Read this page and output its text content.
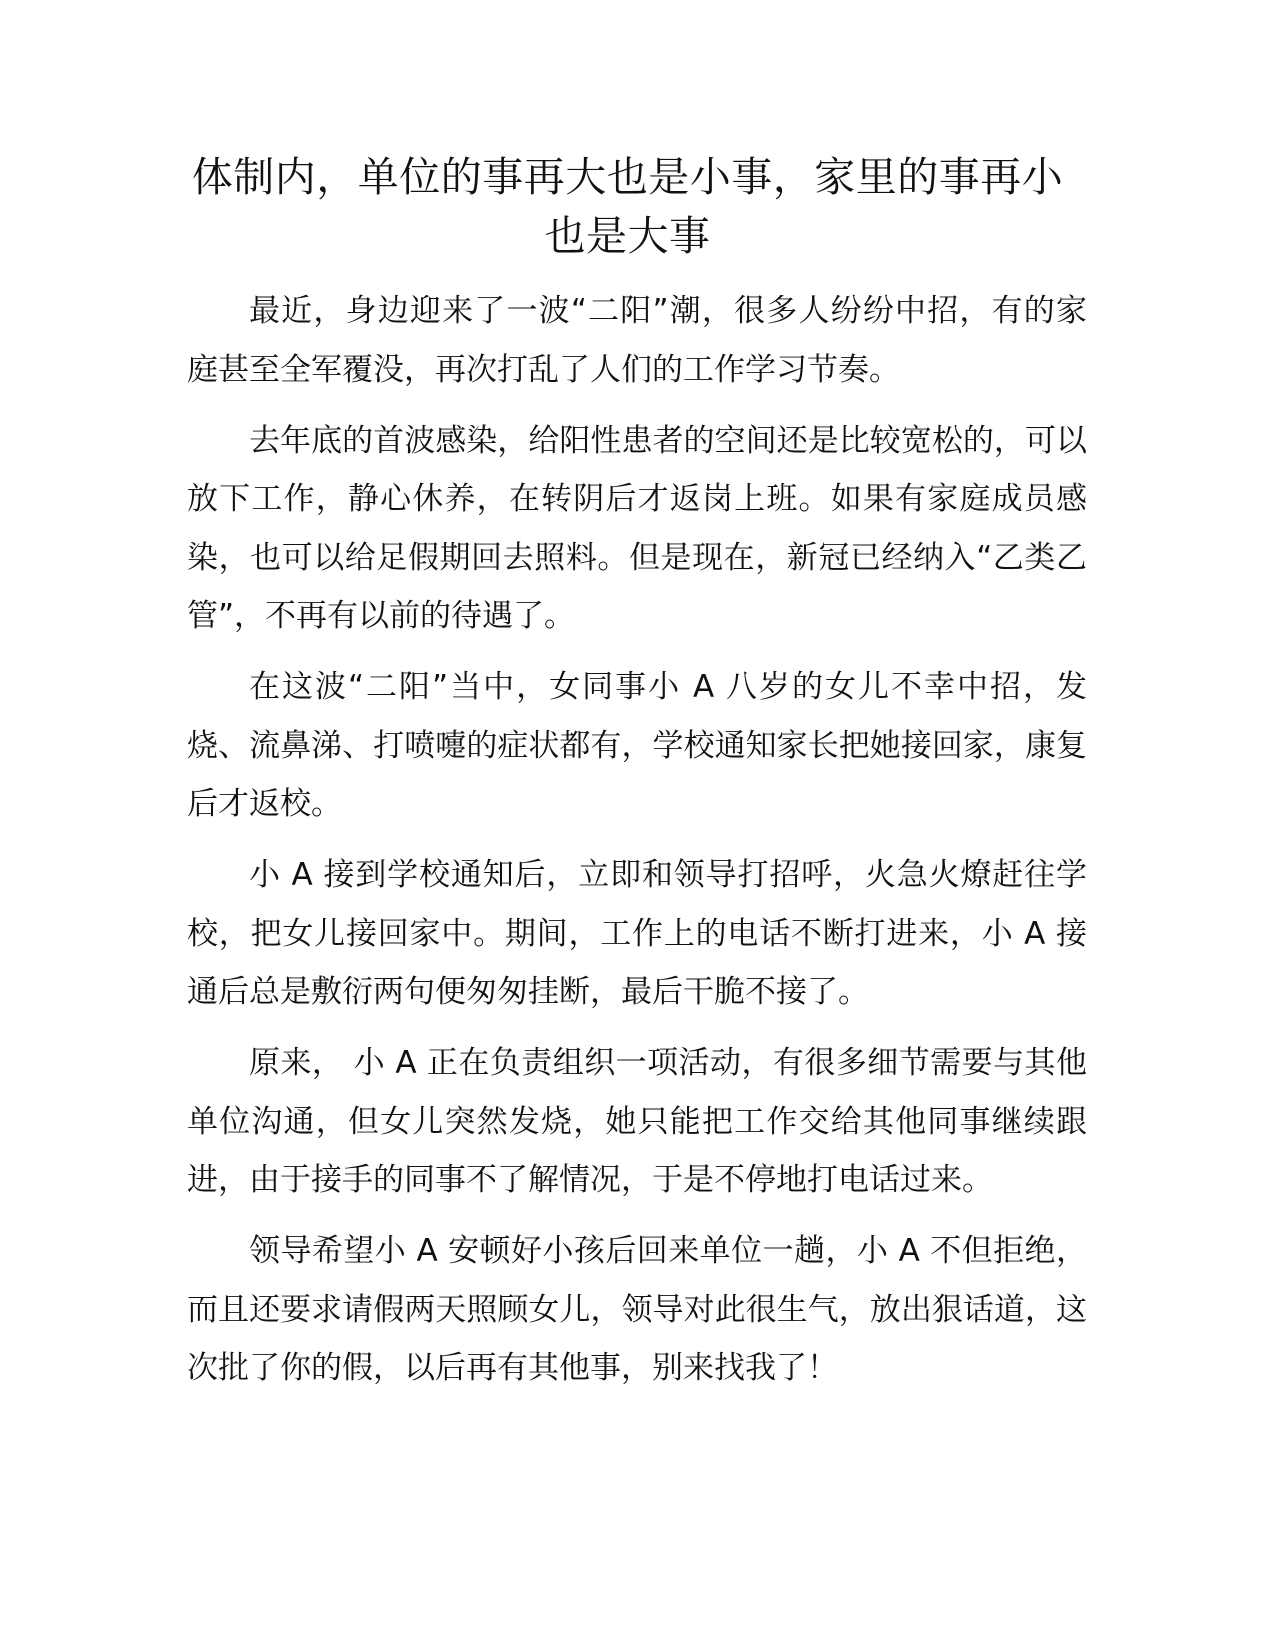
体制内，单位的事再大也是小事，家里的事再小也是大事

最近，身边迎来了一波“二阳”潮，很多人纷纷中招，有的家庭甚至全军覆没，再次打乱了人们的工作学习节奏。

去年底的首波感染，给阳性患者的空间还是比较宽松的，可以放下工作，静心休养，在转阴后才返岗上班。如果有家庭成员感染，也可以给足假期回去照料。但是现在，新冠已经纳入“乙类乙管”，不再有以前的待遇了。

在这波“二阳”当中，女同事小 A 八岁的女儿不幸中招，发烧、流鼻涕、打喷嚏的症状都有，学校通知家长把她接回家，康复后才返校。

小 A 接到学校通知后，立即和领导打招呼，火急火燎赶往学校，把女儿接回家中。期间，工作上的电话不断打进来，小 A 接通后总是敷衍两句便匆匆挂断，最后干脆不接了。

原来， 小 A 正在负责组织一项活动，有很多细节需要与其他单位沟通，但女儿突然发烧，她只能把工作交给其他同事继续跟进，由于接手的同事不了解情况，于是不停地打电话过来。

领导希望小 A 安顿好小孩后回来单位一趟，小 A 不但拒绝，而且还要求请假两天照顾女儿，领导对此很生气，放出狠话道，这次批了你的假，以后再有其他事，别来找我了！
